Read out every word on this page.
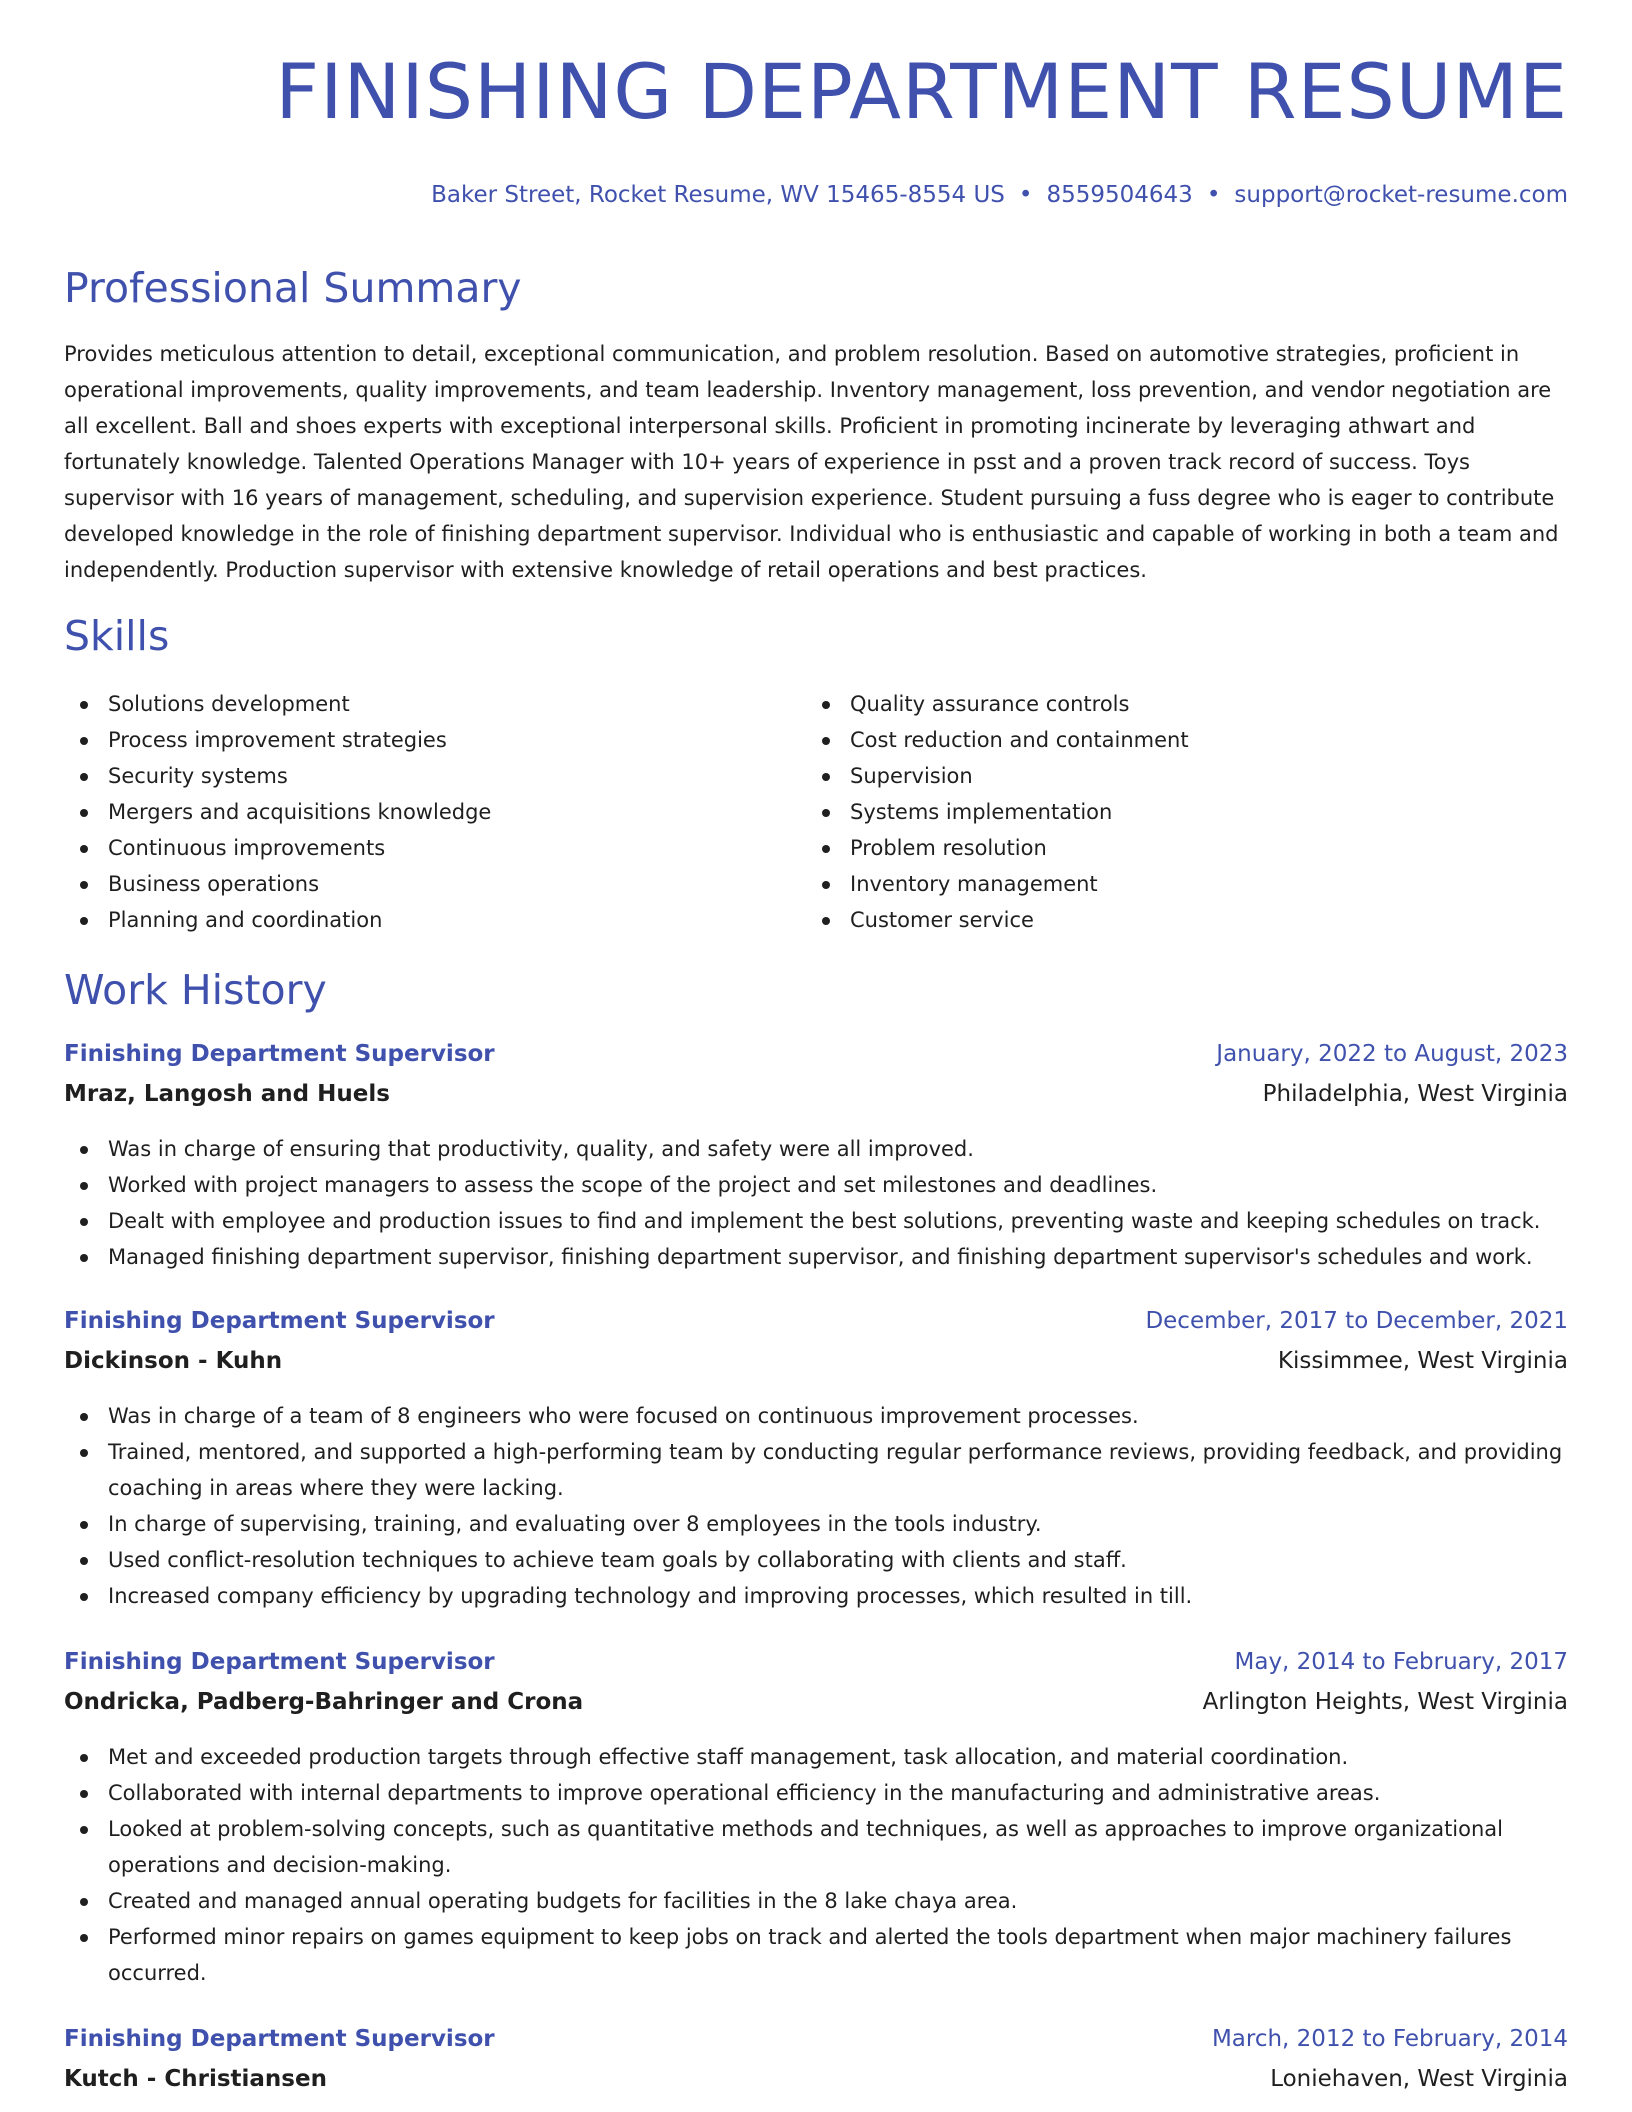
FINISHING DEPARTMENT RESUME
Baker Street, Rocket Resume, WV 15465-8554 US • 8559504643 • support@rocket-resume.com
Professional Summary

Provides meticulous attention to detail, exceptional communication, and problem resolution. Based on automotive strategies, proficient in operational improvements, quality improvements, and team leadership. Inventory management, loss prevention, and vendor negotiation are all excellent. Ball and shoes experts with exceptional interpersonal skills. Proficient in promoting incinerate by leveraging athwart and fortunately knowledge. Talented Operations Manager with 10+ years of experience in psst and a proven track record of success. Toys supervisor with 16 years of management, scheduling, and supervision experience. Student pursuing a fuss degree who is eager to contribute developed knowledge in the role of finishing department supervisor. Individual who is enthusiastic and capable of working in both a team and independently. Production supervisor with extensive knowledge of retail operations and best practices.

Skills
Solutions development
Process improvement strategies
Security systems
Mergers and acquisitions knowledge
Continuous improvements
Business operations
Planning and coordination
Quality assurance controls
Cost reduction and containment
Supervision
Systems implementation
Problem resolution
Inventory management
Customer service
Work History
Finishing Department Supervisor	January, 2022 to August, 2023
Mraz, Langosh and Huels	Philadelphia, West Virginia
Was in charge of ensuring that productivity, quality, and safety were all improved.
Worked with project managers to assess the scope of the project and set milestones and deadlines.
Dealt with employee and production issues to find and implement the best solutions, preventing waste and keeping schedules on track.
Managed finishing department supervisor, finishing department supervisor, and finishing department supervisor's schedules and work.
Finishing Department Supervisor	December, 2017 to December, 2021
Dickinson - Kuhn	Kissimmee, West Virginia
Was in charge of a team of 8 engineers who were focused on continuous improvement processes.
Trained, mentored, and supported a high-performing team by conducting regular performance reviews, providing feedback, and providing coaching in areas where they were lacking.
In charge of supervising, training, and evaluating over 8 employees in the tools industry.
Used conflict-resolution techniques to achieve team goals by collaborating with clients and staff.
Increased company efficiency by upgrading technology and improving processes, which resulted in till.
Finishing Department Supervisor	May, 2014 to February, 2017
Ondricka, Padberg-Bahringer and Crona	Arlington Heights, West Virginia
Met and exceeded production targets through effective staff management, task allocation, and material coordination.
Collaborated with internal departments to improve operational efficiency in the manufacturing and administrative areas.
Looked at problem-solving concepts, such as quantitative methods and techniques, as well as approaches to improve organizational operations and decision-making.
Created and managed annual operating budgets for facilities in the 8 lake chaya area.
Performed minor repairs on games equipment to keep jobs on track and alerted the tools department when major machinery failures occurred.
Finishing Department Supervisor	March, 2012 to February, 2014
Kutch - Christiansen	Loniehaven, West Virginia
